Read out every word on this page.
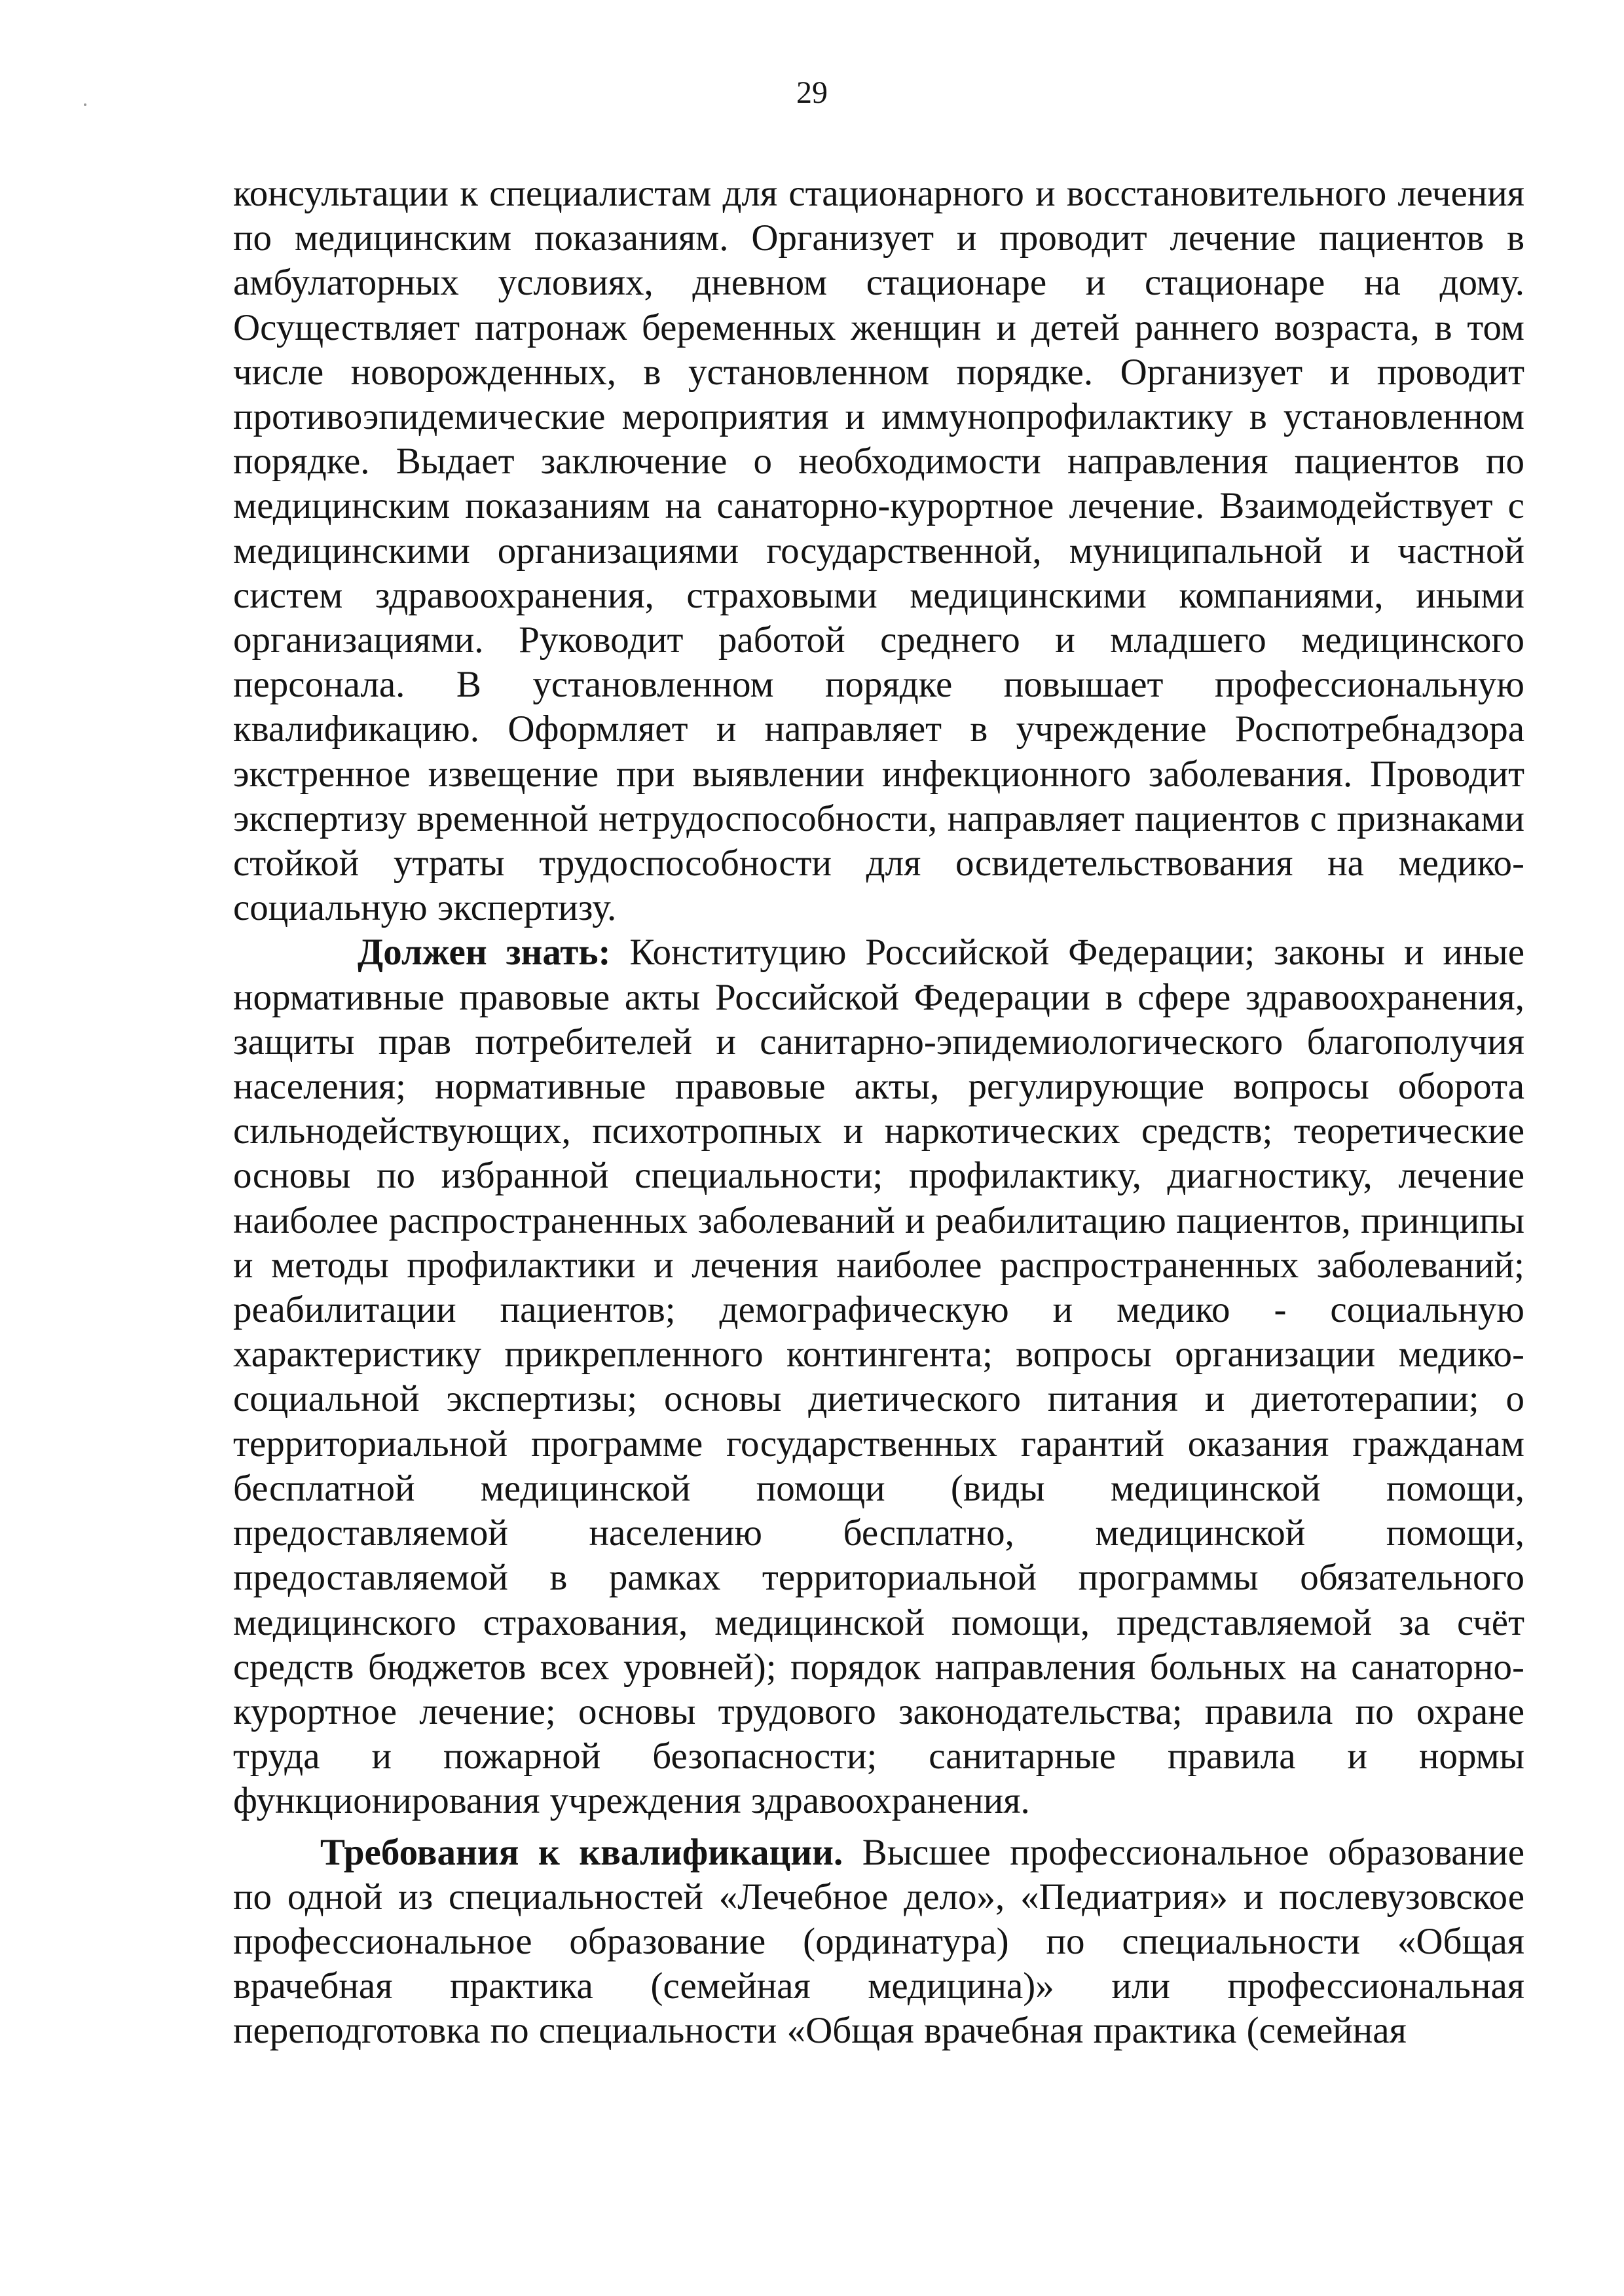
29

консультации к специалистам для стационарного и восстановительного лечения по медицинским показаниям. Организует и проводит лечение пациентов в амбулаторных условиях, дневном стационаре и стационаре на дому. Осуществляет патронаж беременных женщин и детей раннего возраста, в том числе новорожденных, в установленном порядке. Организует и проводит противоэпидемические мероприятия и иммунопрофилактику в установленном порядке. Выдает заключение о необходимости направления пациентов по медицинским показаниям на санаторно-курортное лечение. Взаимодействует с медицинскими организациями государственной, муниципальной и частной систем здравоохранения, страховыми медицинскими компаниями, иными организациями. Руководит работой среднего и младшего медицинского персонала. В установленном порядке повышает профессиональную квалификацию. Оформляет и направляет в учреждение Роспотребнадзора экстренное извещение при выявлении инфекционного заболевания. Проводит экспертизу временной нетрудоспособности, направляет пациентов с признаками стойкой утраты трудоспособности для освидетельствования на медико-социальную экспертизу.

Должен знать: Конституцию Российской Федерации; законы и иные нормативные правовые акты Российской Федерации в сфере здравоохранения, защиты прав потребителей и санитарно-эпидемиологического благополучия населения; нормативные правовые акты, регулирующие вопросы оборота сильнодействующих, психотропных и наркотических средств; теоретические основы по избранной специальности; профилактику, диагностику, лечение наиболее распространенных заболеваний и реабилитацию пациентов, принципы и методы профилактики и лечения наиболее распространенных заболеваний; реабилитации пациентов; демографическую и медико - социальную характеристику прикрепленного контингента; вопросы организации медико-социальной экспертизы; основы диетического питания и диетотерапии; о территориальной программе государственных гарантий оказания гражданам бесплатной медицинской помощи (виды медицинской помощи, предоставляемой населению бесплатно, медицинской помощи, предоставляемой в рамках территориальной программы обязательного медицинского страхования, медицинской помощи, представляемой за счёт средств бюджетов всех уровней); порядок направления больных на санаторно-курортное лечение; основы трудового законодательства; правила по охране труда и пожарной безопасности; санитарные правила и нормы функционирования учреждения здравоохранения.

Требования к квалификации. Высшее профессиональное образование по одной из специальностей «Лечебное дело», «Педиатрия» и послевузовское профессиональное образование (ординатура) по специальности «Общая врачебная практика (семейная медицина)» или профессиональная переподготовка по специальности «Общая врачебная практика (семейная
